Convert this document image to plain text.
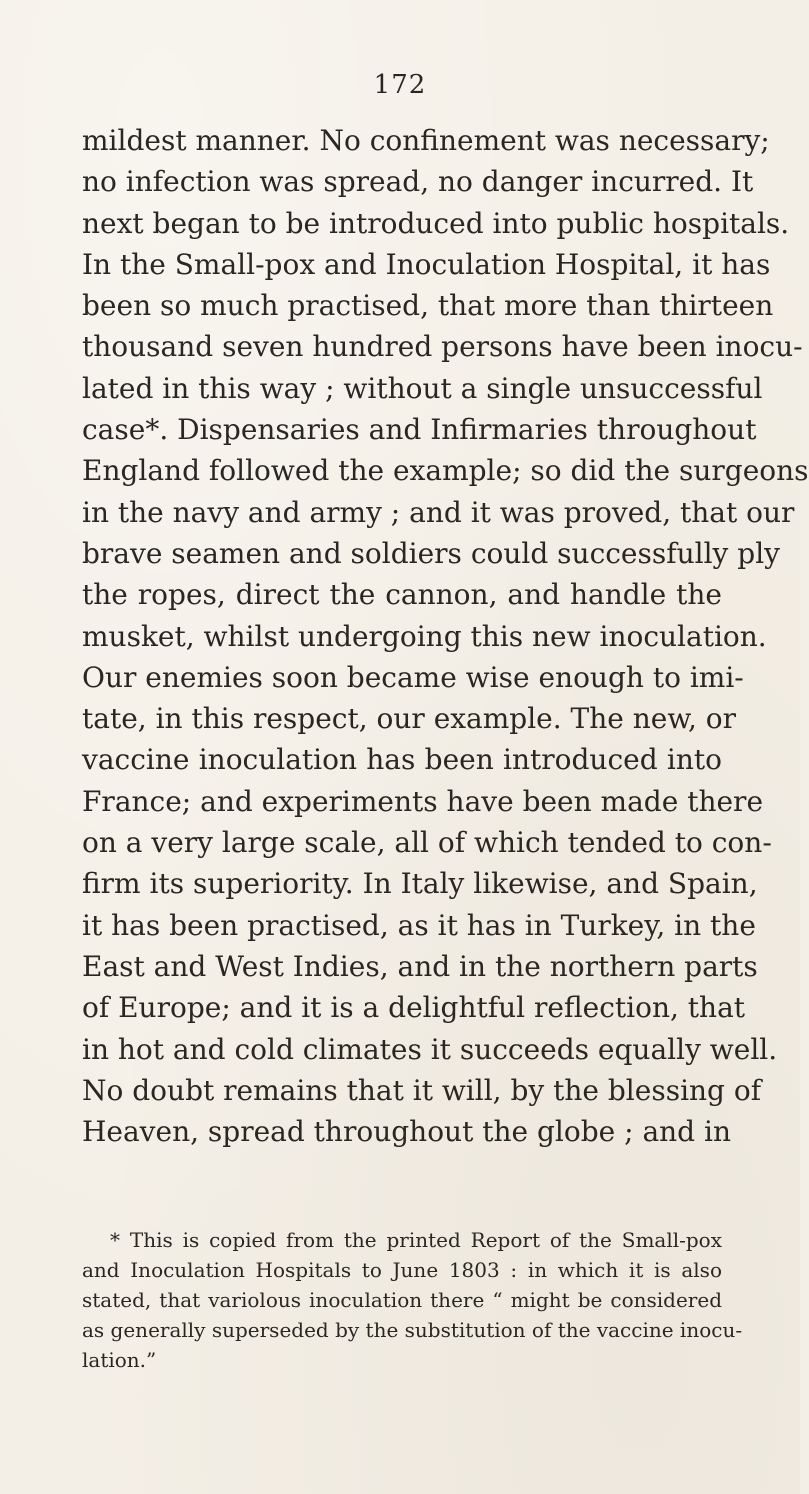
172
mildest manner. No confinement was necessary;
no infection was spread, no danger incurred. It
next began to be introduced into public hospitals.
In the Small-pox and Inoculation Hospital, it has
been so much practised, that more than thirteen
thousand seven hundred persons have been inocu-
lated in this way ; without a single unsuccessful
case*. Dispensaries and Infirmaries throughout
England followed the example; so did the surgeons
in the navy and army ; and it was proved, that our
brave seamen and soldiers could successfully ply
the ropes, direct the cannon, and handle the
musket, whilst undergoing this new inoculation.
Our enemies soon became wise enough to imi-
tate, in this respect, our example. The new, or
vaccine inoculation has been introduced into
France; and experiments have been made there
on a very large scale, all of which tended to con-
firm its superiority. In Italy likewise, and Spain,
it has been practised, as it has in Turkey, in the
East and West Indies, and in the northern parts
of Europe; and it is a delightful reflection, that
in hot and cold climates it succeeds equally well.
No doubt remains that it will, by the blessing of
Heaven, spread throughout the globe ; and in
* This is copied from the printed Report of the Small-pox
and Inoculation Hospitals to June 1803 : in which it is also
stated, that variolous inoculation there “ might be considered
as generally superseded by the substitution of the vaccine inocu-
lation.”
